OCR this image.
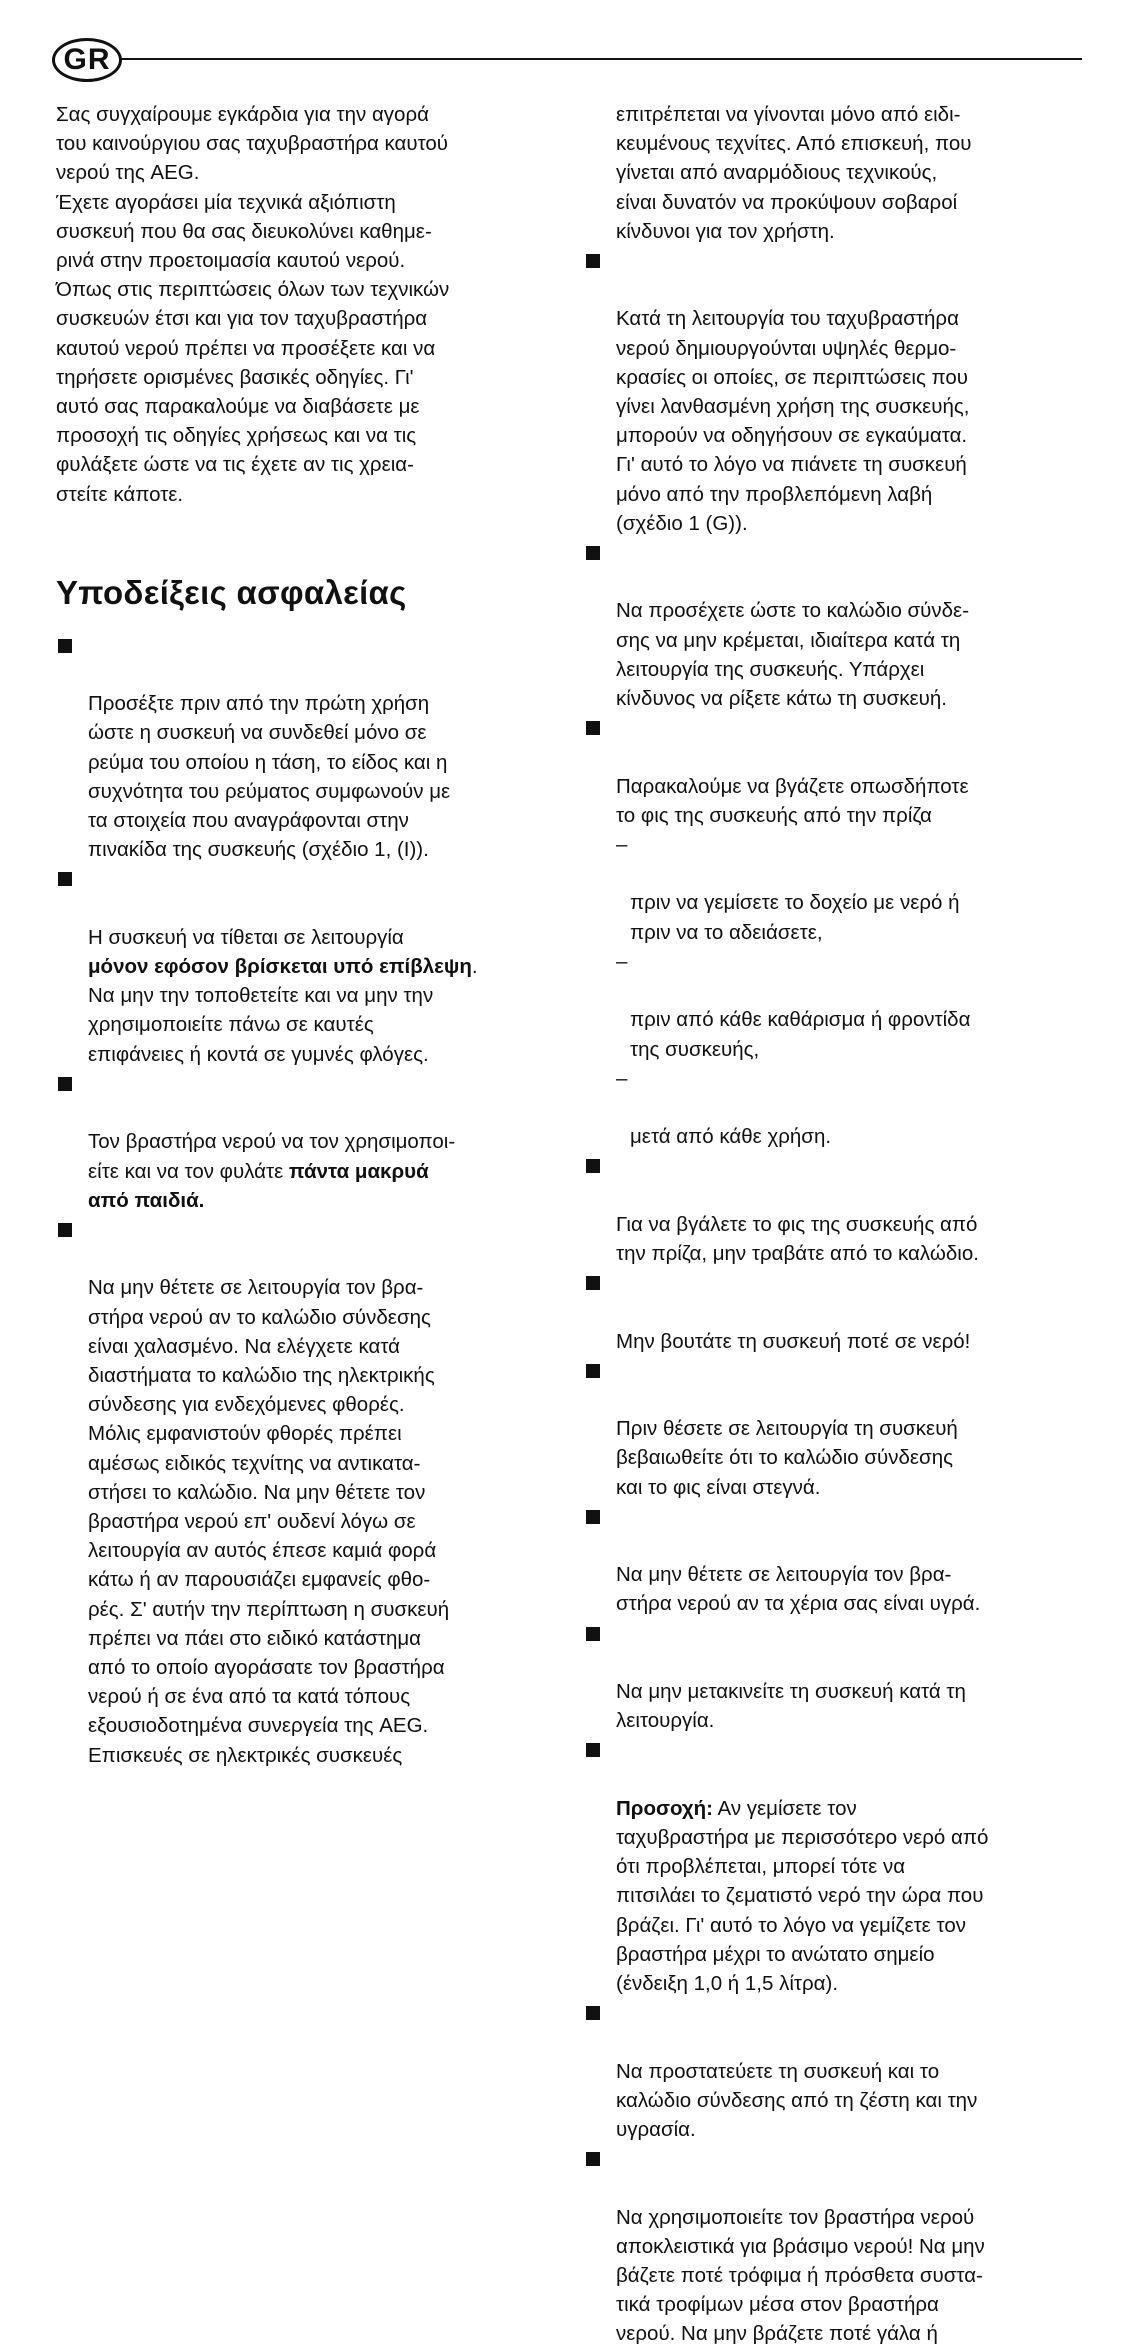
GR

Σας συγχαίρουμε εγκάρδια για την αγορά
του καινούργιου σας ταχυβραστήρα καυτού
νερού της AEG.

Έχετε αγοράσει μία τεχνικά αξιόπιστη
συσκευή που θα σας διευκολύνει καθημε-
ρινά στην προετοιμασία καυτού νερού.

Όπως στις περιπτώσεις όλων των τεχνικών
συσκευών έτσι και για τον ταχυβραστήρα
καυτού νερού πρέπει να προσέξετε και να
τηρήσετε ορισμένες βασικές οδηγίες. Γι'
αυτό σας παρακαλούμε να διαβάσετε με
προσοχή τις οδηγίες χρήσεως και να τις
φυλάξετε ώστε να τις έχετε αν τις χρεια-
στείτε κάποτε.

Υποδείξεις ασφαλείας

Προσέξτε πριν από την πρώτη χρήση
ώστε η συσκευή να συνδεθεί μόνο σε
ρεύμα του οποίου η τάση, το είδος και η
συχνότητα του ρεύματος συμφωνούν με
τα στοιχεία που αναγράφονται στην
πινακίδα της συσκευής (σχέδιο 1, (I)).

Η συσκευή να τίθεται σε λειτουργία
μόνον εφόσον βρίσκεται υπό επίβλεψη.
Να μην την τοποθετείτε και να μην την
χρησιμοποιείτε πάνω σε καυτές
επιφάνειες ή κοντά σε γυμνές φλόγες.

Τον βραστήρα νερού να τον χρησιμοποι-
είτε και να τον φυλάτε πάντα μακρυά
από παιδιά.

Να μην θέτετε σε λειτουργία τον βρα-
στήρα νερού αν το καλώδιο σύνδεσης
είναι χαλασμένο. Να ελέγχετε κατά
διαστήματα το καλώδιο της ηλεκτρικής
σύνδεσης για ενδεχόμενες φθορές.
Μόλις εμφανιστούν φθορές πρέπει
αμέσως ειδικός τεχνίτης να αντικατα-
στήσει το καλώδιο. Να μην θέτετε τον
βραστήρα νερού επ' ουδενί λόγω σε
λειτουργία αν αυτός έπεσε καμιά φορά
κάτω ή αν παρουσιάζει εμφανείς φθο-
ρές. Σ' αυτήν την περίπτωση η συσκευή
πρέπει να πάει στο ειδικό κατάστημα
από το οποίο αγοράσατε τον βραστήρα
νερού ή σε ένα από τα κατά τόπους
εξουσιοδοτημένα συνεργεία της AEG.
Επισκευές σε ηλεκτρικές συσκευές

επιτρέπεται να γίνονται μόνο από ειδι-
κευμένους τεχνίτες. Από επισκευή, που
γίνεται από αναρμόδιους τεχνικούς,
είναι δυνατόν να προκύψουν σοβαροί
κίνδυνοι για τον χρήστη.

Κατά τη λειτουργία του ταχυβραστήρα
νερού δημιουργούνται υψηλές θερμο-
κρασίες οι οποίες, σε περιπτώσεις που
γίνει λανθασμένη χρήση της συσκευής,
μπορούν να οδηγήσουν σε εγκαύματα.
Γι' αυτό το λόγο να πιάνετε τη συσκευή
μόνο από την προβλεπόμενη λαβή
(σχέδιο 1 (G)).

Να προσέχετε ώστε το καλώδιο σύνδε-
σης να μην κρέμεται, ιδιαίτερα κατά τη
λειτουργία της συσκευής. Υπάρχει
κίνδυνος να ρίξετε κάτω τη συσκευή.

Παρακαλούμε να βγάζετε οπωσδήποτε
το φις της συσκευής από την πρίζα

–

πριν να γεμίσετε το δοχείο με νερό ή
πριν να το αδειάσετε,

–

πριν από κάθε καθάρισμα ή φροντίδα
της συσκευής,

–

μετά από κάθε χρήση.

Για να βγάλετε το φις της συσκευής από
την πρίζα, μην τραβάτε από το καλώδιο.

Μην βουτάτε τη συσκευή ποτέ σε νερό!

Πριν θέσετε σε λειτουργία τη συσκευή
βεβαιωθείτε ότι το καλώδιο σύνδεσης
και το φις είναι στεγνά.

Να μην θέτετε σε λειτουργία τον βρα-
στήρα νερού αν τα χέρια σας είναι υγρά.

Να μην μετακινείτε τη συσκευή κατά τη
λειτουργία.

Προσοχή: Αν γεμίσετε τον
ταχυβραστήρα με περισσότερο νερό από
ότι προβλέπεται, μπορεί τότε να
πιτσιλάει το ζεματιστό νερό την ώρα που
βράζει. Γι' αυτό το λόγο να γεμίζετε τον
βραστήρα μέχρι το ανώτατο σημείο
(ένδειξη 1,0 ή 1,5 λίτρα).

Να προστατεύετε τη συσκευή και το
καλώδιο σύνδεσης από τη ζέστη και την
υγρασία.

Να χρησιμοποιείτε τον βραστήρα νερού
αποκλειστικά για βράσιμο νερού! Να μην
βάζετε ποτέ τρόφιμα ή πρόσθετα συστα-
τικά τροφίμων μέσα στον βραστήρα
νερού. Να μην βράζετε ποτέ γάλα ή
